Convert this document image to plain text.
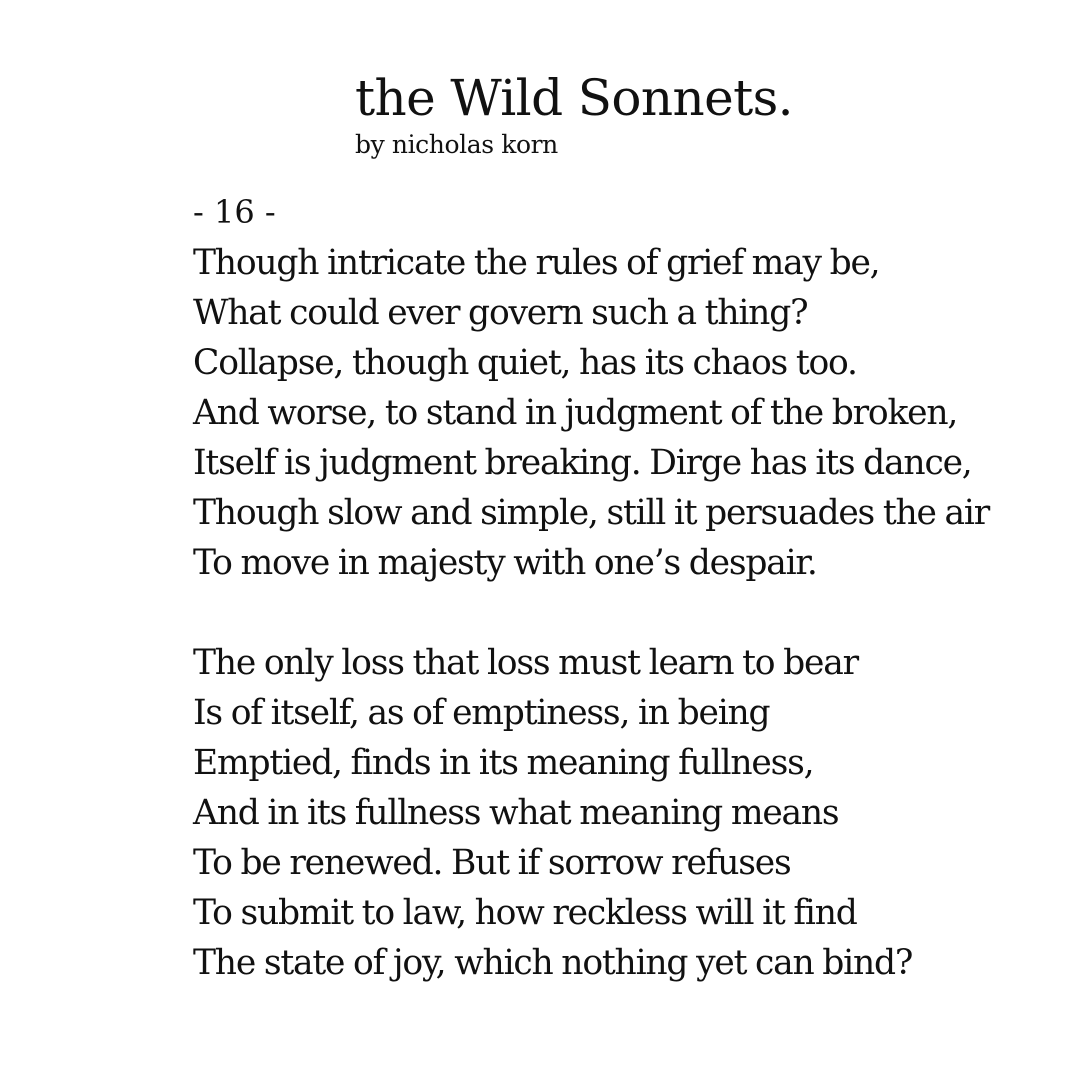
the Wild Sonnets.
by nicholas korn
- 16 -
Though intricate the rules of grief may be,
What could ever govern such a thing?
Collapse, though quiet, has its chaos too.
And worse, to stand in judgment of the broken,
Itself is judgment breaking. Dirge has its dance,
Though slow and simple, still it persuades the air
To move in majesty with one’s despair.
The only loss that loss must learn to bear
Is of itself, as of emptiness, in being
Emptied, finds in its meaning fullness,
And in its fullness what meaning means
To be renewed. But if sorrow refuses
To submit to law, how reckless will it find
The state of joy, which nothing yet can bind?
